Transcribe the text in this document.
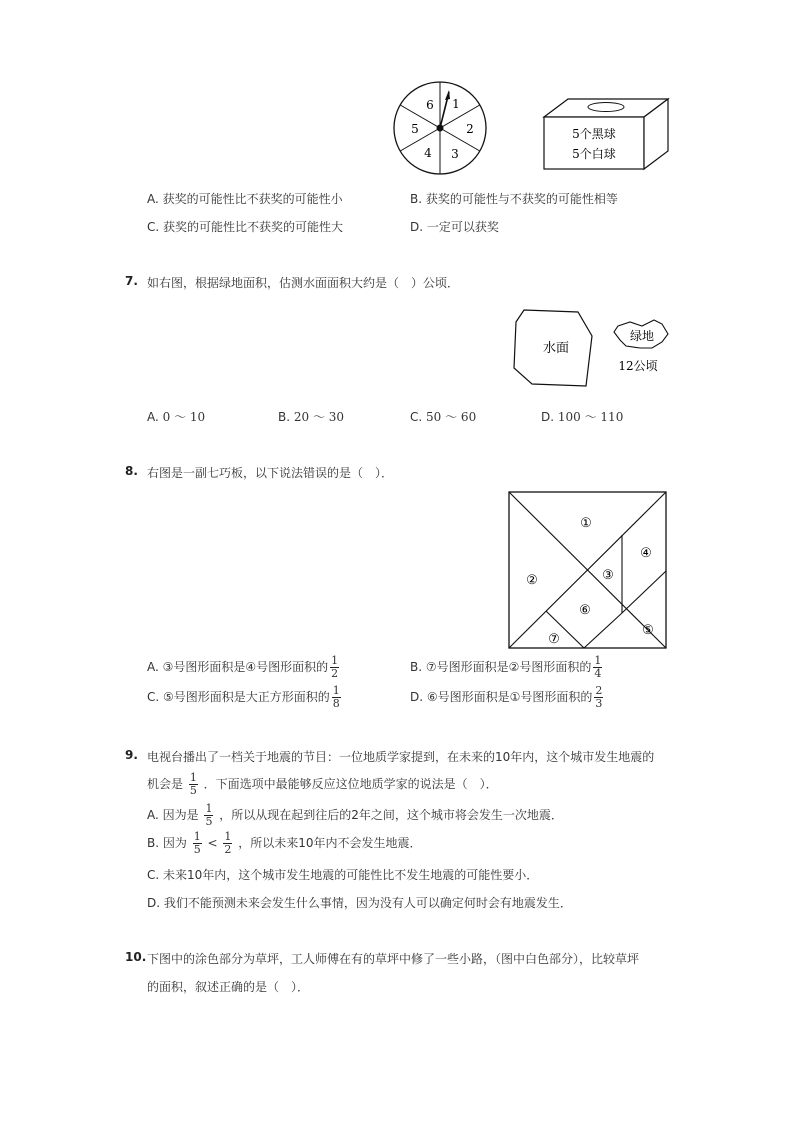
1
2
3
4
5
6
5个黑球
5个白球
A. 获奖的可能性比不获奖的可能性小	B. 获奖的可能性与不获奖的可能性相等
C. 获奖的可能性比不获奖的可能性大	D. 一定可以获奖
7. 如右图，根据绿地面积，估测水面面积大约是（　）公顷．
水面
绿地
12公顷
A. 0 ～ 10	B. 20 ～ 30	C. 50 ～ 60	D. 100 ～ 110
8. 右图是一副七巧板，以下说法错误的是（　）．
①
②	③
④
⑤
⑥
⑦
A. ③号图形面积是④号图形面积的 $\frac{1}{2}$	B. ⑦号图形面积是②号图形面积的 $\frac{1}{4}$
C. ⑤号图形面积是大正方形面积的 $\frac{1}{8}$	D. ⑥号图形面积是①号图形面积的 $\frac{2}{3}$
9. 电视台播出了一档关于地震的节目：一位地质学家提到，在未来的10年内，这个城市发生地震的
机会是 $\frac{1}{5}$ ．下面选项中最能够反应这位地质学家的说法是（　）．
A. 因为是 $\frac{1}{5}$ ，所以从现在起到往后的2年之间，这个城市将会发生一次地震．
B. 因为 $\frac{1}{5} < \frac{1}{2}$ ，所以未来10年内不会发生地震．
C. 未来10年内，这个城市发生地震的可能性比不发生地震的可能性要小．
D. 我们不能预测未来会发生什么事情，因为没有人可以确定何时会有地震发生．
10. 下图中的涂色部分为草坪，工人师傅在有的草坪中修了一些小路，（图中白色部分），比较草坪
的面积，叙述正确的是（　）．
